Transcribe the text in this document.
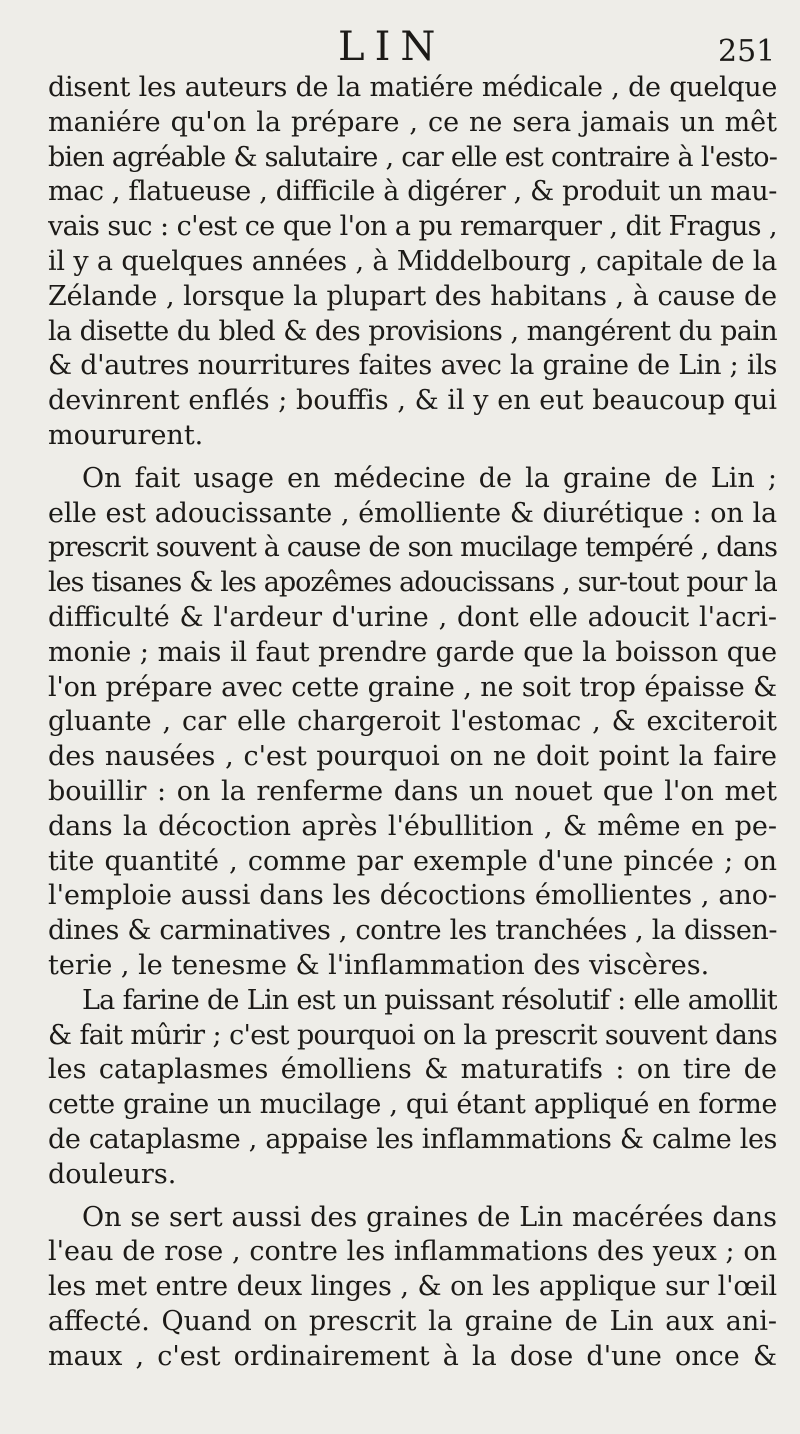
LIN	251
disent les auteurs de la matiére médicale , de quelque
maniére qu'on la prépare , ce ne sera jamais un mêt
bien agréable & salutaire , car elle est contraire à l'esto-
mac , flatueuse , difficile à digérer , & produit un mau-
vais suc : c'est ce que l'on a pu remarquer , dit Fragus ,
il y a quelques années , à Middelbourg , capitale de la
Zélande , lorsque la plupart des habitans , à cause de
la disette du bled & des provisions , mangérent du pain
& d'autres nourritures faites avec la graine de Lin ; ils
devinrent enflés ; bouffis , & il y en eut beaucoup qui
moururent.
On fait usage en médecine de la graine de Lin ;
elle est adoucissante , émolliente & diurétique : on la
prescrit souvent à cause de son mucilage tempéré , dans
les tisanes & les apozêmes adoucissans , sur-tout pour la
difficulté & l'ardeur d'urine , dont elle adoucit l'acri-
monie ; mais il faut prendre garde que la boisson que
l'on prépare avec cette graine , ne soit trop épaisse &
gluante , car elle chargeroit l'estomac , & exciteroit
des nausées , c'est pourquoi on ne doit point la faire
bouillir : on la renferme dans un nouet que l'on met
dans la décoction après l'ébullition , & même en pe-
tite quantité , comme par exemple d'une pincée ; on
l'emploie aussi dans les décoctions émollientes , ano-
dines & carminatives , contre les tranchées , la dissen-
terie , le tenesme & l'inflammation des viscères.
La farine de Lin est un puissant résolutif : elle amollit
& fait mûrir ; c'est pourquoi on la prescrit souvent dans
les cataplasmes émolliens & maturatifs : on tire de
cette graine un mucilage , qui étant appliqué en forme
de cataplasme , appaise les inflammations & calme les
douleurs.
On se sert aussi des graines de Lin macérées dans
l'eau de rose , contre les inflammations des yeux ; on
les met entre deux linges , & on les applique sur l'œil
affecté. Quand on prescrit la graine de Lin aux ani-
maux , c'est ordinairement à la dose d'une once &
